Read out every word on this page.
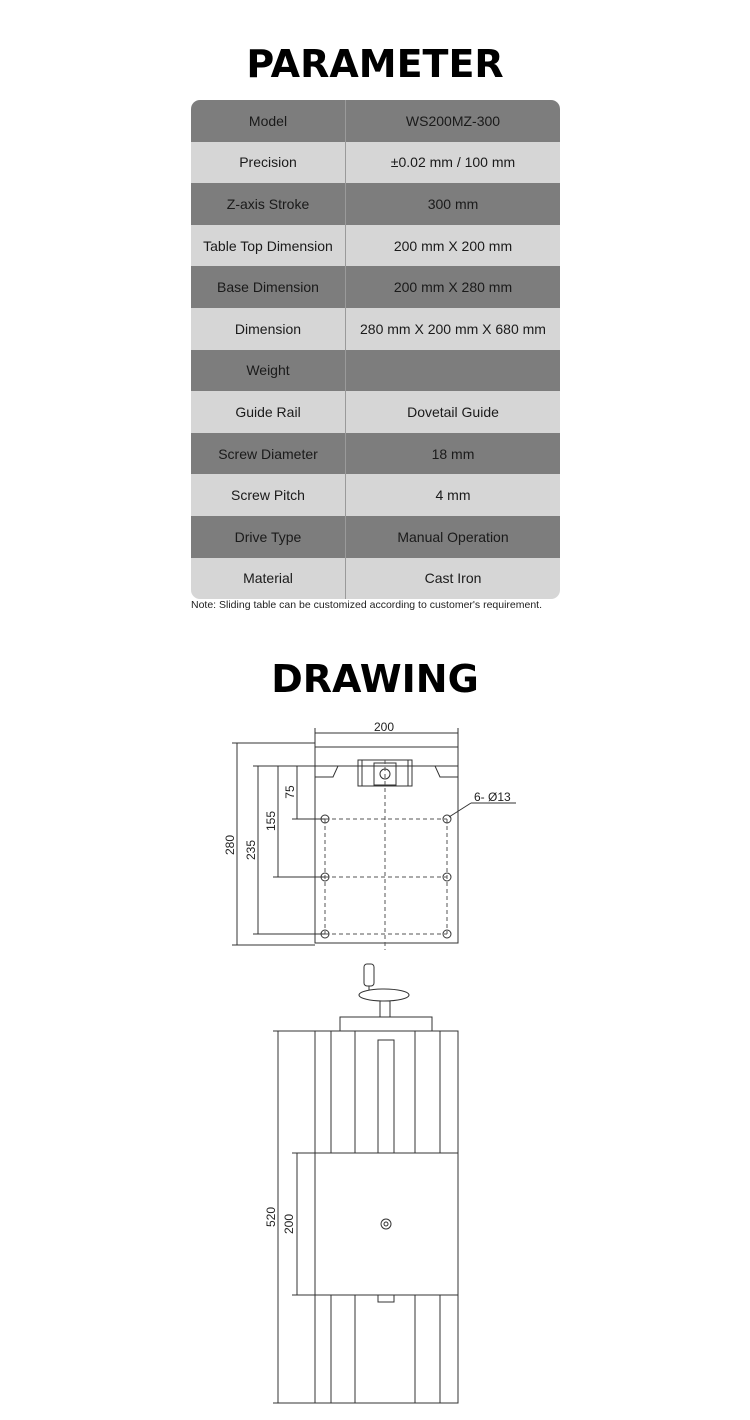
PARAMETER
Model	WS200MZ-300
Precision	±0.02 mm / 100 mm
Z-axis Stroke	300 mm
Table Top Dimension	200 mm X 200 mm
Base Dimension	200 mm X 280 mm
Dimension	280 mm X 200 mm X 680 mm
Weight
Guide Rail	Dovetail Guide
Screw Diameter	18 mm
Screw Pitch	4 mm
Drive Type	Manual Operation
Material	Cast Iron
Note: Sliding table can be customized according to customer's requirement.
DRAWING
200
280 235
155
75	6- Ø13
520 200
